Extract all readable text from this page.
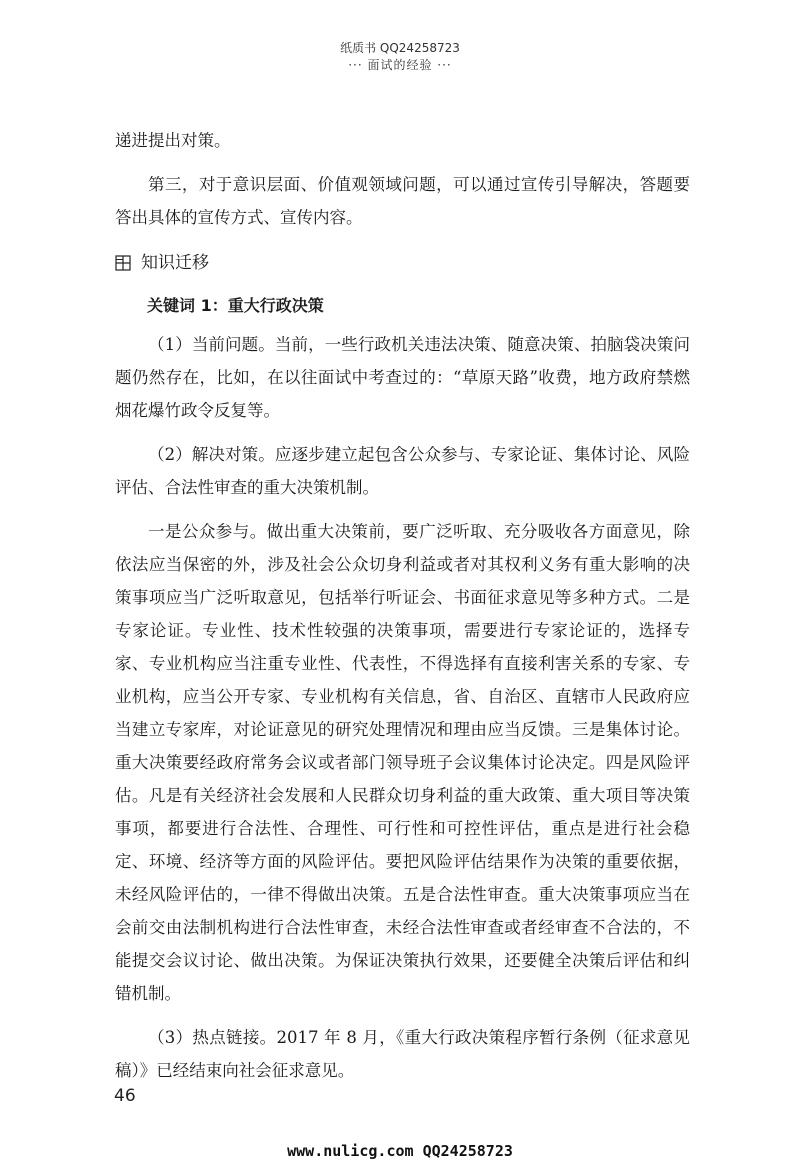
纸质书 QQ24258723
··· 面试的经验 ···

递进提出对策。

第三，对于意识层面、价值观领域问题，可以通过宣传引导解决，答题要答出具体的宣传方式、宣传内容。

知识迁移

关键词 1：重大行政决策

（1）当前问题。当前，一些行政机关违法决策、随意决策、拍脑袋决策问题仍然存在，比如，在以往面试中考查过的：“草原天路”收费，地方政府禁燃烟花爆竹政令反复等。

（2）解决对策。应逐步建立起包含公众参与、专家论证、集体讨论、风险评估、合法性审查的重大决策机制。

一是公众参与。做出重大决策前，要广泛听取、充分吸收各方面意见，除依法应当保密的外，涉及社会公众切身利益或者对其权利义务有重大影响的决策事项应当广泛听取意见，包括举行听证会、书面征求意见等多种方式。二是专家论证。专业性、技术性较强的决策事项，需要进行专家论证的，选择专家、专业机构应当注重专业性、代表性，不得选择有直接利害关系的专家、专业机构，应当公开专家、专业机构有关信息，省、自治区、直辖市人民政府应当建立专家库，对论证意见的研究处理情况和理由应当反馈。三是集体讨论。重大决策要经政府常务会议或者部门领导班子会议集体讨论决定。四是风险评估。凡是有关经济社会发展和人民群众切身利益的重大政策、重大项目等决策事项，都要进行合法性、合理性、可行性和可控性评估，重点是进行社会稳定、环境、经济等方面的风险评估。要把风险评估结果作为决策的重要依据，未经风险评估的，一律不得做出决策。五是合法性审查。重大决策事项应当在会前交由法制机构进行合法性审查，未经合法性审查或者经审查不合法的，不能提交会议讨论、做出决策。为保证决策执行效果，还要健全决策后评估和纠错机制。

（3）热点链接。2017 年 8 月，《重大行政决策程序暂行条例（征求意见稿）》已经结束向社会征求意见。

46
www.nulicg.com QQ24258723
